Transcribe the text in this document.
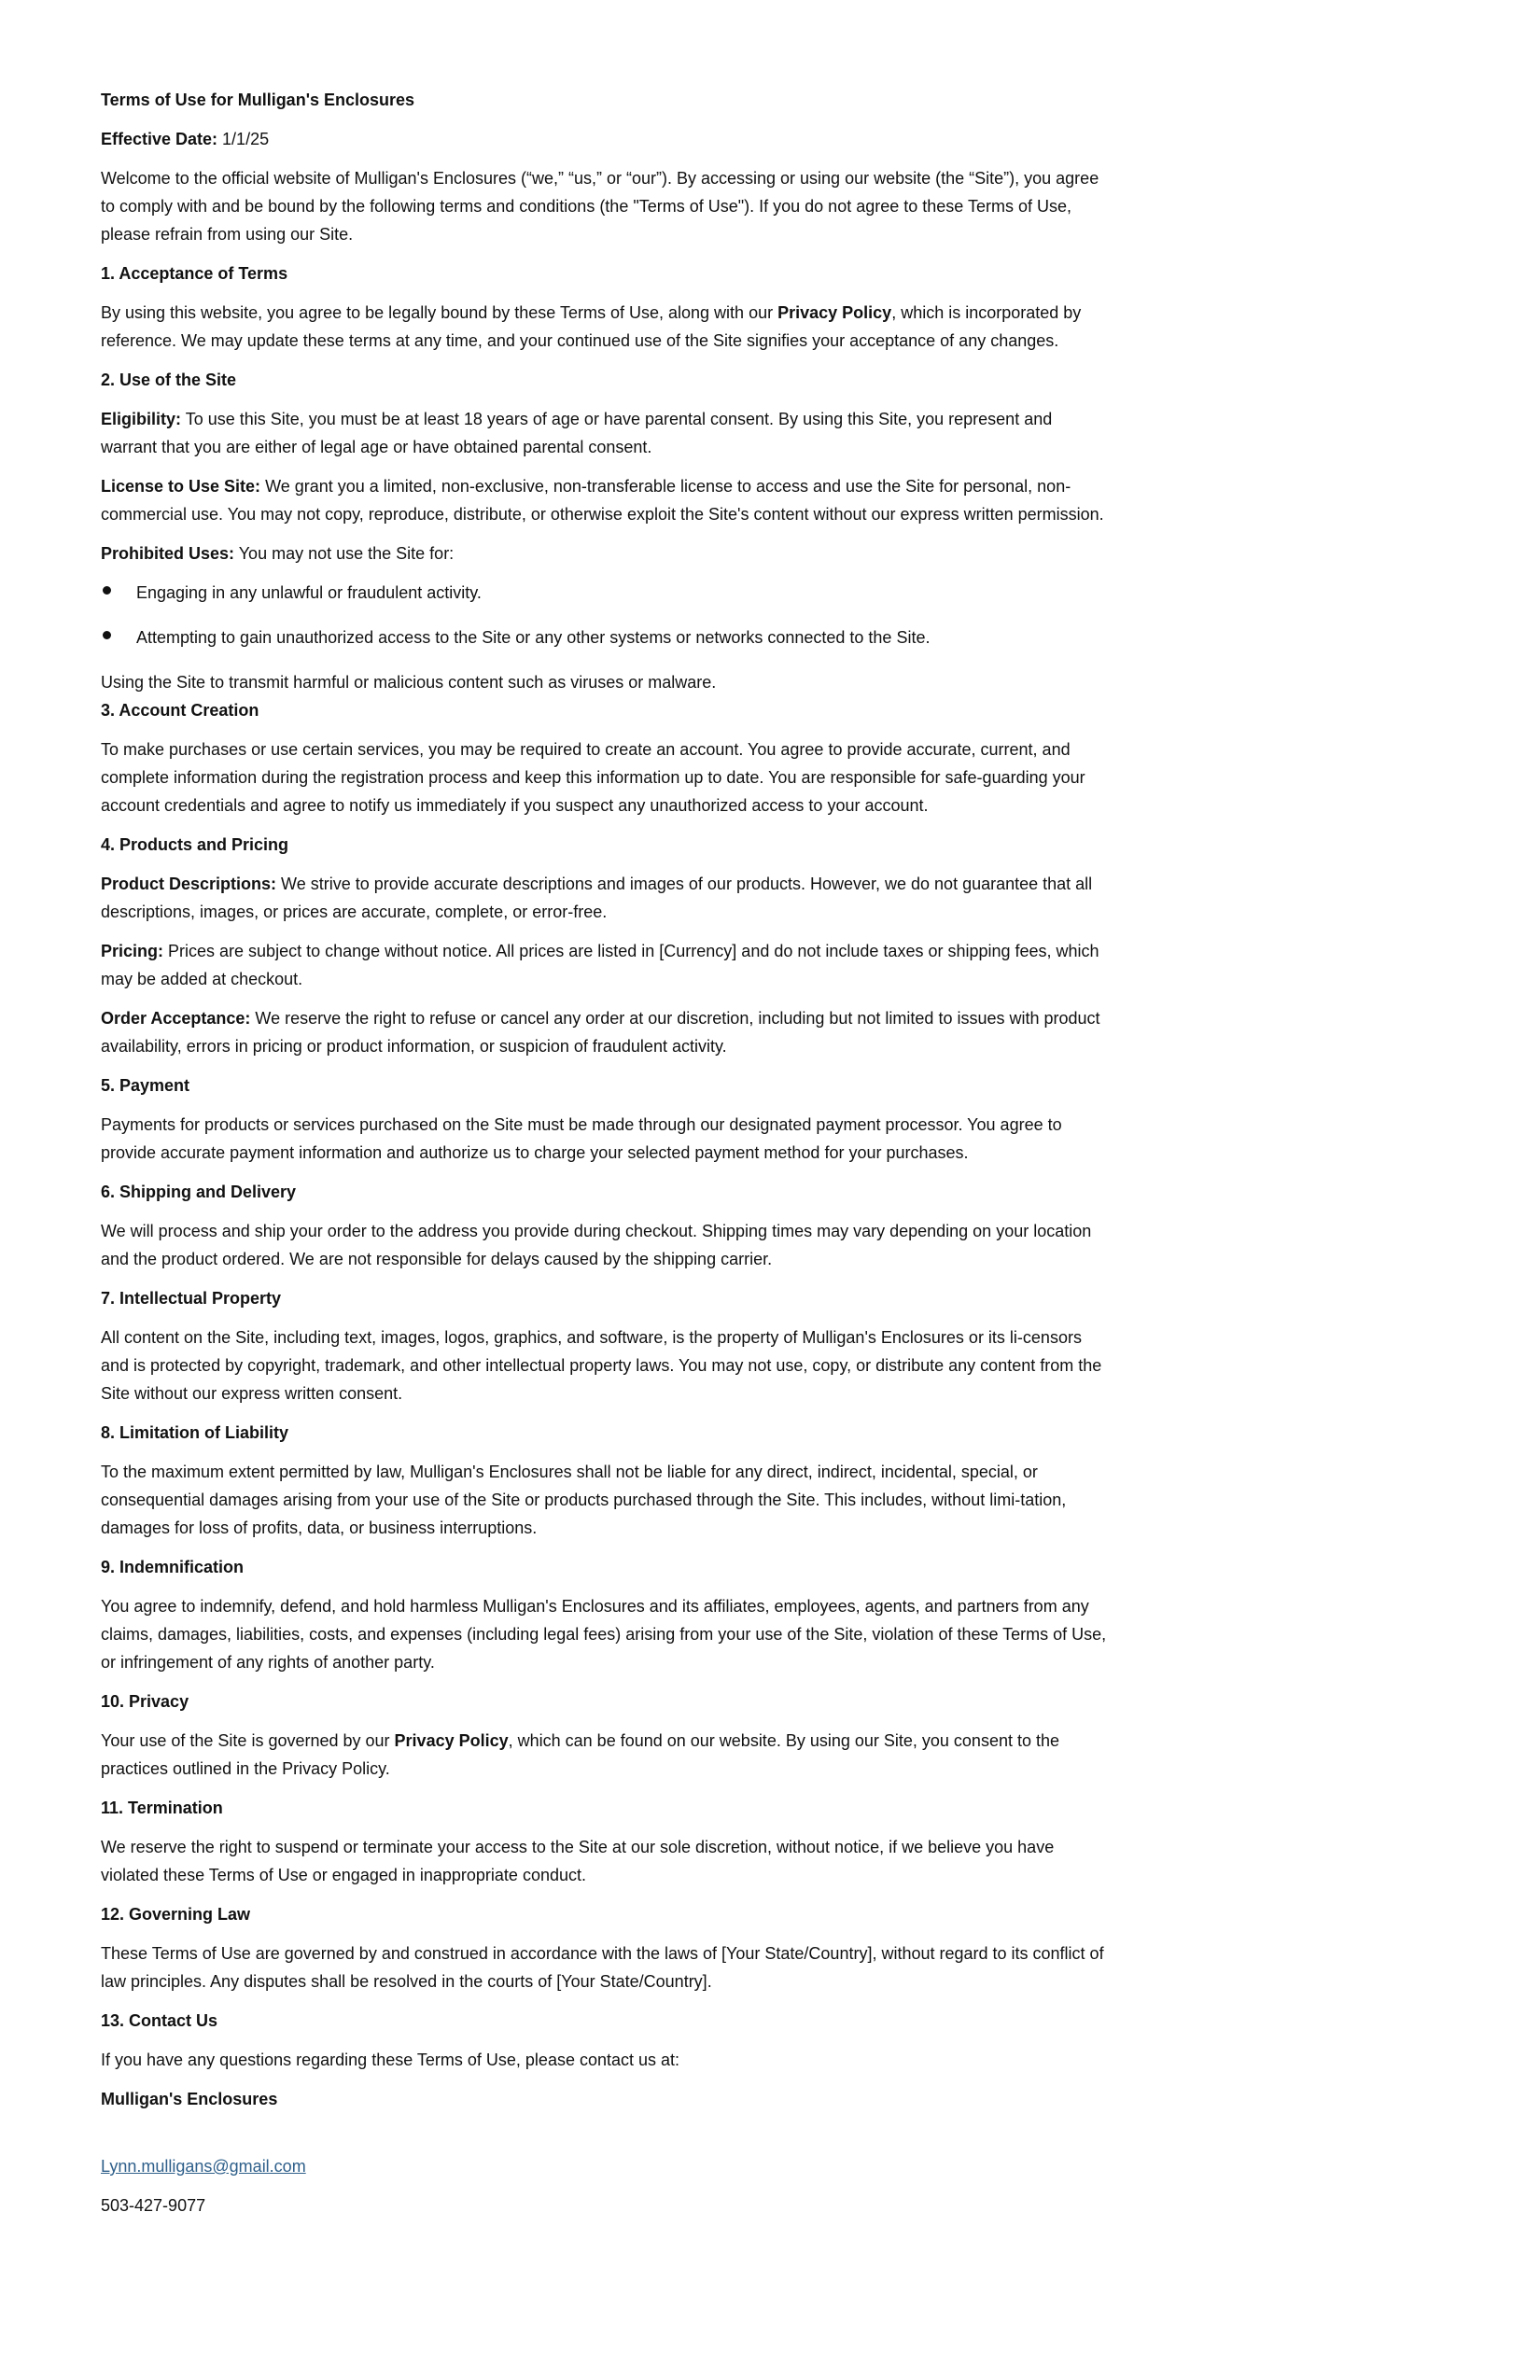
Terms of Use for Mulligan's Enclosures

Effective Date: 1/1/25

Welcome to the official website of Mulligan's Enclosures (“we,” “us,” or “our”). By accessing or using our website (the “Site”), you agree to comply with and be bound by the following terms and conditions (the "Terms of Use"). If you do not agree to these Terms of Use, please refrain from using our Site.

1. Acceptance of Terms

By using this website, you agree to be legally bound by these Terms of Use, along with our Privacy Policy, which is incorporated by reference. We may update these terms at any time, and your continued use of the Site signifies your acceptance of any changes.

2. Use of the Site

Eligibility: To use this Site, you must be at least 18 years of age or have parental consent. By using this Site, you represent and warrant that you are either of legal age or have obtained parental consent.

License to Use Site: We grant you a limited, non-exclusive, non-transferable license to access and use the Site for personal, non-commercial use. You may not copy, reproduce, distribute, or otherwise exploit the Site's content without our express written permission.

Prohibited Uses: You may not use the Site for:

Engaging in any unlawful or fraudulent activity.
Attempting to gain unauthorized access to the Site or any other systems or networks connected to the Site.

Using the Site to transmit harmful or malicious content such as viruses or malware.

3. Account Creation

To make purchases or use certain services, you may be required to create an account. You agree to provide accurate, current, and complete information during the registration process and keep this information up to date. You are responsible for safe-guarding your account credentials and agree to notify us immediately if you suspect any unauthorized access to your account.

4. Products and Pricing

Product Descriptions: We strive to provide accurate descriptions and images of our products. However, we do not guarantee that all descriptions, images, or prices are accurate, complete, or error-free.

Pricing: Prices are subject to change without notice. All prices are listed in [Currency] and do not include taxes or shipping fees, which may be added at checkout.

Order Acceptance: We reserve the right to refuse or cancel any order at our discretion, including but not limited to issues with product availability, errors in pricing or product information, or suspicion of fraudulent activity.

5. Payment

Payments for products or services purchased on the Site must be made through our designated payment processor. You agree to provide accurate payment information and authorize us to charge your selected payment method for your purchases.

6. Shipping and Delivery

We will process and ship your order to the address you provide during checkout. Shipping times may vary depending on your location and the product ordered. We are not responsible for delays caused by the shipping carrier.

7. Intellectual Property

All content on the Site, including text, images, logos, graphics, and software, is the property of Mulligan's Enclosures or its li-censors and is protected by copyright, trademark, and other intellectual property laws. You may not use, copy, or distribute any content from the Site without our express written consent.

8. Limitation of Liability

To the maximum extent permitted by law, Mulligan's Enclosures shall not be liable for any direct, indirect, incidental, special, or consequential damages arising from your use of the Site or products purchased through the Site. This includes, without limi-tation, damages for loss of profits, data, or business interruptions.

9. Indemnification

You agree to indemnify, defend, and hold harmless Mulligan's Enclosures and its affiliates, employees, agents, and partners from any claims, damages, liabilities, costs, and expenses (including legal fees) arising from your use of the Site, violation of these Terms of Use, or infringement of any rights of another party.

10. Privacy

Your use of the Site is governed by our Privacy Policy, which can be found on our website. By using our Site, you consent to the practices outlined in the Privacy Policy.

11. Termination

We reserve the right to suspend or terminate your access to the Site at our sole discretion, without notice, if we believe you have violated these Terms of Use or engaged in inappropriate conduct.

12. Governing Law

These Terms of Use are governed by and construed in accordance with the laws of [Your State/Country], without regard to its conflict of law principles. Any disputes shall be resolved in the courts of [Your State/Country].

13. Contact Us

If you have any questions regarding these Terms of Use, please contact us at:

Mulligan's Enclosures

Lynn.mulligans@gmail.com

503-427-9077
